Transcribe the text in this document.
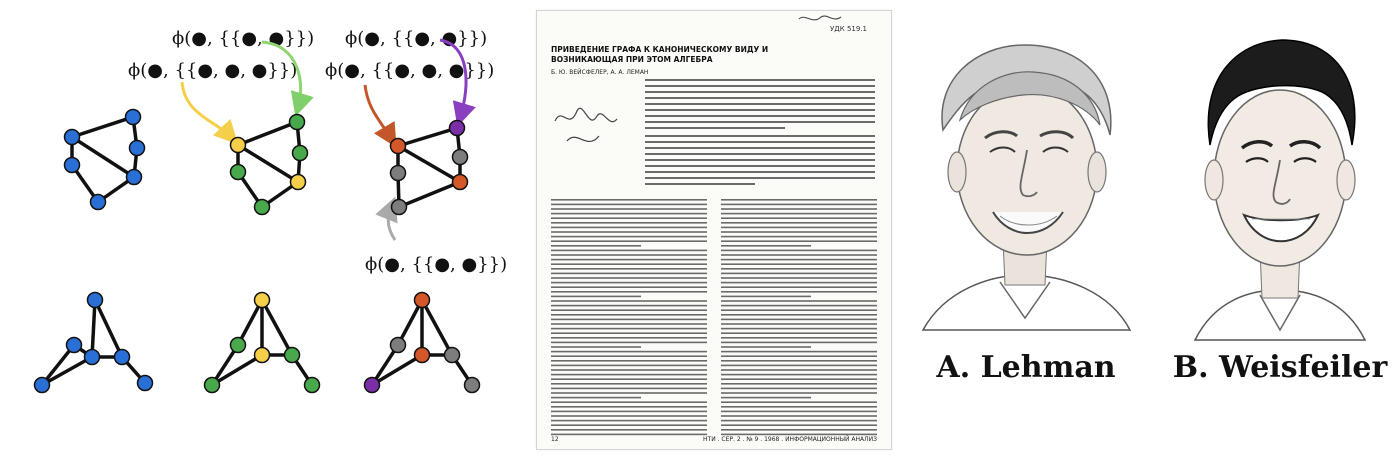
ϕ(●, {{●, ●}})
ϕ(●, {{●, ●, ●}})
ϕ(●, {{●, ●}})
ϕ(●, {{●, ●, ●}})
ϕ(●, {{●, ●}})
УДК 519.1
ПРИВЕДЕНИЕ ГРАФА К КАНОНИЧЕСКОМУ ВИДУ И ВОЗНИКАЮЩАЯ ПРИ ЭТОМ АЛГЕБРА
Б. Ю. ВЕЙСФЕЛЕР, А. А. ЛЕМАН
12	НТИ . СЕР. 2 . № 9 . 1968 . ИНФОРМАЦИОННЫЙ АНАЛИЗ
A. Lehman	B. Weisfeiler
